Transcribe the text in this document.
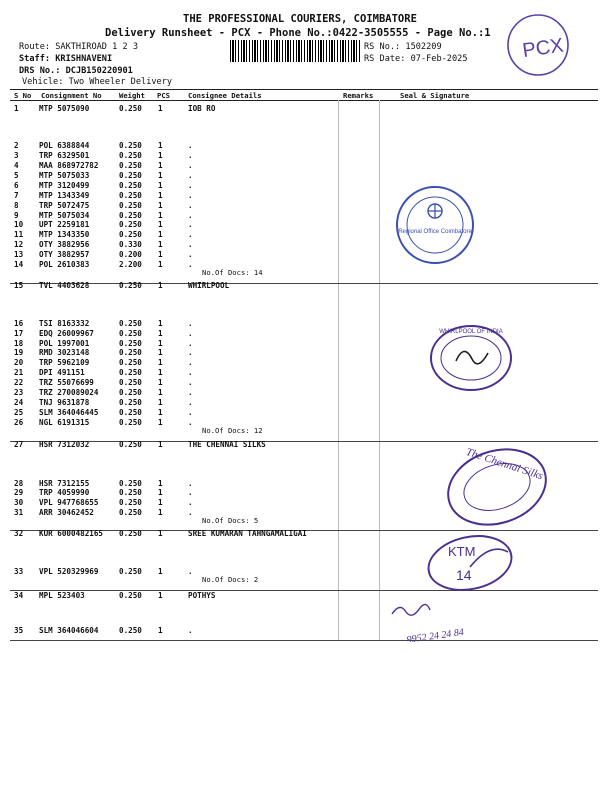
THE PROFESSIONAL COURIERS, COIMBATORE
Delivery Runsheet - PCX - Phone No.:0422-3505555 - Page No.:1
PCX
Route: SAKTHIROAD 1 2 3
Staff: KRISHNAVENI
DRS No.: DCJB150220901
Vehicle: Two Wheeler Delivery
RS No.: 1502209
RS Date: 07-Feb-2025
S No Consignment No Weight PCS	Consignee Details	Remarks	Seal & Signature
1	MTP 5075090	0.250 1	IOB RO
2	POL 6388844	0.250 1	.
3	TRP 6329501	0.250 1	.
4	MAA 868972782	0.250 1	.
5	MTP 5075033	0.250 1	.
6	MTP 3120499	0.250 1	.
7	MTP 1343349	0.250 1	.
8	TRP 5072475	0.250 1	.
9	MTP 5075034	0.250 1	.
10 UPT 2259181	0.250 1	.
11 MTP 1343350	0.250 1	.
12 OTY 3882956	0.330 1	.
13 OTY 3882957	0.200 1	.
14 POL 2610383	2.200 1	.
No.Of Docs: 14
15 TVL 4403628	0.250 1	WHIRLPOOL
16 TSI 8163332	0.250 1	.
17 EDQ 26009967	0.250 1	.
18 POL 1997001	0.250 1	.
19 RMD 3023148	0.250 1	.
20 TRP 5962109	0.250 1	.
21 DPI 491151	0.250 1	.
22 TRZ 55076699	0.250 1	.
23 TRZ 270089024	0.250 1	.
24 TNJ 9631878	0.250 1	.
25 SLM 364046445	0.250 1	.
26 NGL 6191315	0.250 1	.
No.Of Docs: 12
27 HSR 7312032	0.250 1	THE CHENNAI SILKS
28 HSR 7312155	0.250 1	.
29 TRP 4059990	0.250 1	.
30 VPL 947768655	0.250 1	.
31 ARR 30462452	0.250 1	.
No.Of Docs: 5
32 KUR 6000482165 0.250 1	SREE KUMARAN TAHNGAMALIGAI
33 VPL 520329969	0.250 1	.
No.Of Docs: 2
34 MPL 523403	0.250 1	POTHYS
35 SLM 364046604	0.250 1	.
Regional Office Coimbatore
WHIRLPOOL OF INDIA
The Chennai Silks
KTM
14
9952 24 24 84
